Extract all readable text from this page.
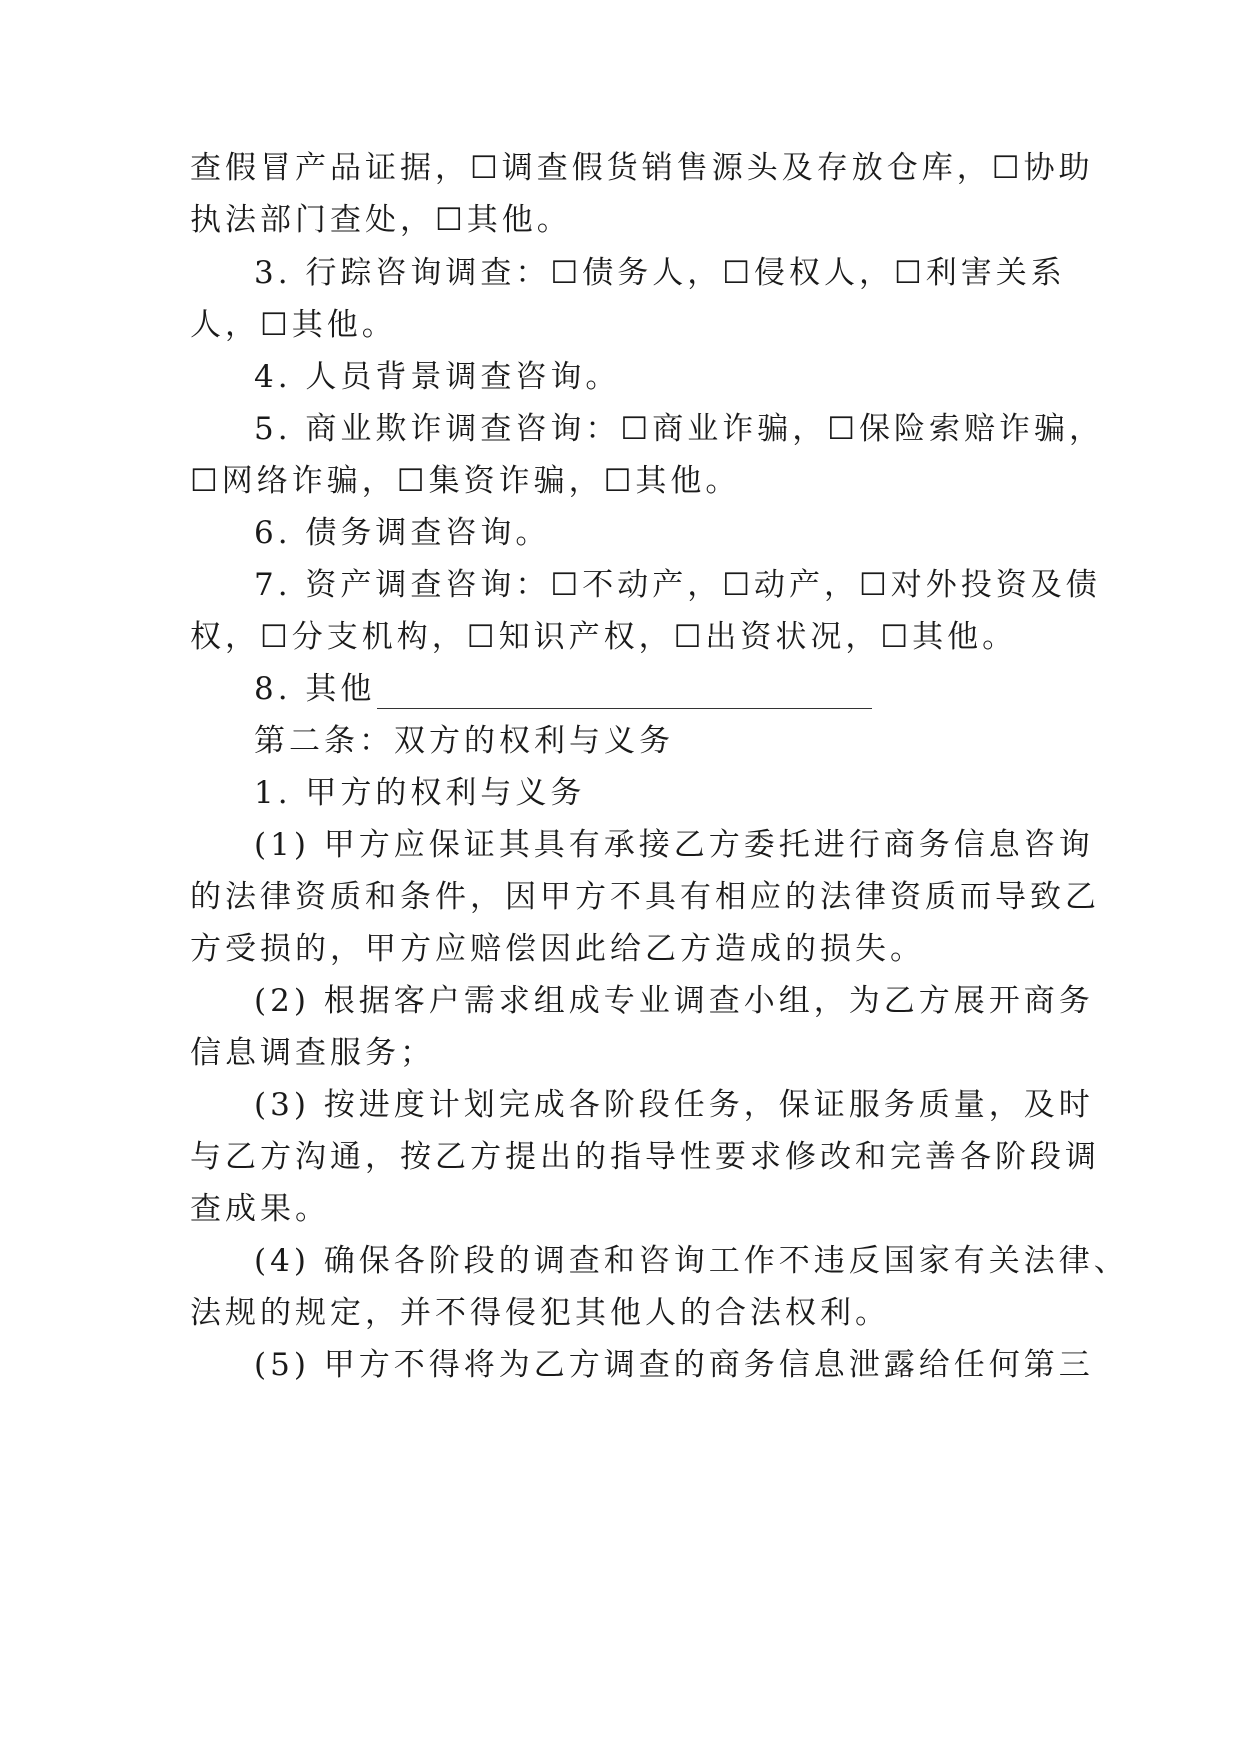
查假冒产品证据，☐调查假货销售源头及存放仓库，☐协助
执法部门查处，☐其他。
3. 行踪咨询调查：☐债务人，☐侵权人，☐利害关系
人，☐其他。
4. 人员背景调查咨询。
5. 商业欺诈调查咨询：☐商业诈骗，☐保险索赔诈骗，
☐网络诈骗，☐集资诈骗，☐其他。
6. 债务调查咨询。
7. 资产调查咨询：☐不动产，☐动产，☐对外投资及债
权，☐分支机构，☐知识产权，☐出资状况，☐其他。
8. 其他
第二条：双方的权利与义务
1. 甲方的权利与义务
(1) 甲方应保证其具有承接乙方委托进行商务信息咨询
的法律资质和条件，因甲方不具有相应的法律资质而导致乙
方受损的，甲方应赔偿因此给乙方造成的损失。
(2) 根据客户需求组成专业调查小组，为乙方展开商务
信息调查服务；
(3) 按进度计划完成各阶段任务，保证服务质量，及时
与乙方沟通，按乙方提出的指导性要求修改和完善各阶段调
查成果。
(4) 确保各阶段的调查和咨询工作不违反国家有关法律、
法规的规定，并不得侵犯其他人的合法权利。
(5) 甲方不得将为乙方调查的商务信息泄露给任何第三
